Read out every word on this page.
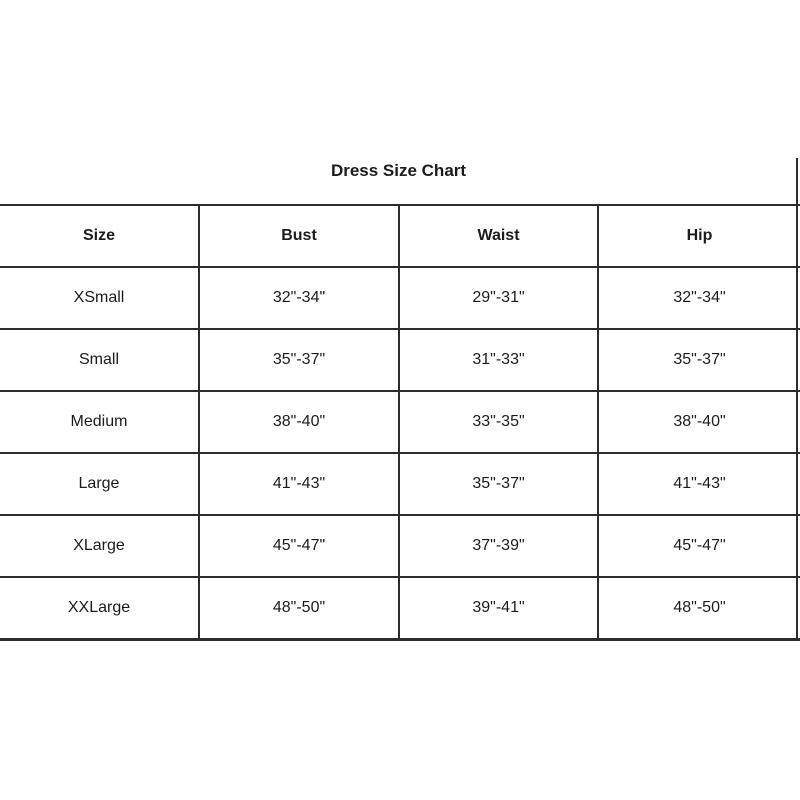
Dress Size Chart
Size	Bust	Waist	Hip
XSmall	32"-34"	29"-31"	32"-34"
Small	35"-37"	31"-33"	35"-37"
Medium	38"-40"	33"-35"	38"-40"
Large	41"-43"	35"-37"	41"-43"
XLarge	45"-47"	37"-39"	45"-47"
XXLarge	48"-50"	39"-41"	48"-50"
